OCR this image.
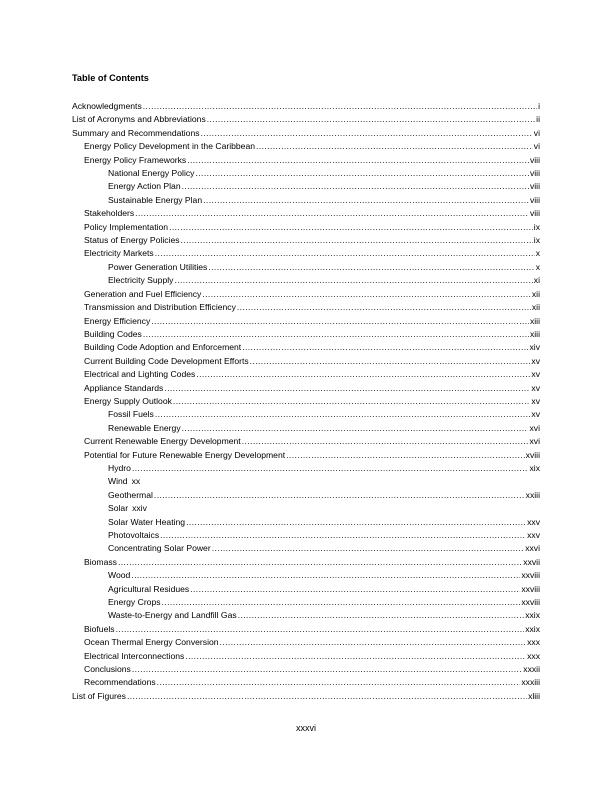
Table of Contents
Acknowledgments .....	i
List of Acronyms and Abbreviations .....	ii
Summary and Recommendations .....	vi
Energy Policy Development in the Caribbean .....	vi
Energy Policy Frameworks .....	viii
National Energy Policy .....	viii
Energy Action Plan .....	viii
Sustainable Energy Plan .....	viii
Stakeholders .....	viii
Policy Implementation .....	ix
Status of Energy Policies .....	ix
Electricity Markets .....	x
Power Generation Utilities .....	x
Electricity Supply .....	xi
Generation and Fuel Efficiency .....	xii
Transmission and Distribution Efficiency .....	xii
Energy Efficiency .....	xiii
Building Codes .....	xiii
Building Code Adoption and Enforcement .....	xiv
Current Building Code Development Efforts .....	xv
Electrical and Lighting Codes .....	xv
Appliance Standards .....	xv
Energy Supply Outlook .....	xv
Fossil Fuels .....	xv
Renewable Energy .....	xvi
Current Renewable Energy Development .....	xvi
Potential for Future Renewable Energy Development .....	xviii
Hydro .....	xix
Wind xx
Geothermal .....	xxiii
Solar xxiv
Solar Water Heating .....	xxv
Photovoltaics .....	xxv
Concentrating Solar Power .....	xxvi
Biomass .....	xxvii
Wood .....	xxviii
Agricultural Residues .....	xxviii
Energy Crops .....	xxviii
Waste-to-Energy and Landfill Gas .....	xxix
Biofuels .....	xxix
Ocean Thermal Energy Conversion .....	xxx
Electrical Interconnections .....	xxx
Conclusions .....	xxxii
Recommendations .....	xxxiii
List of Figures .....	xliii
xxxvi
